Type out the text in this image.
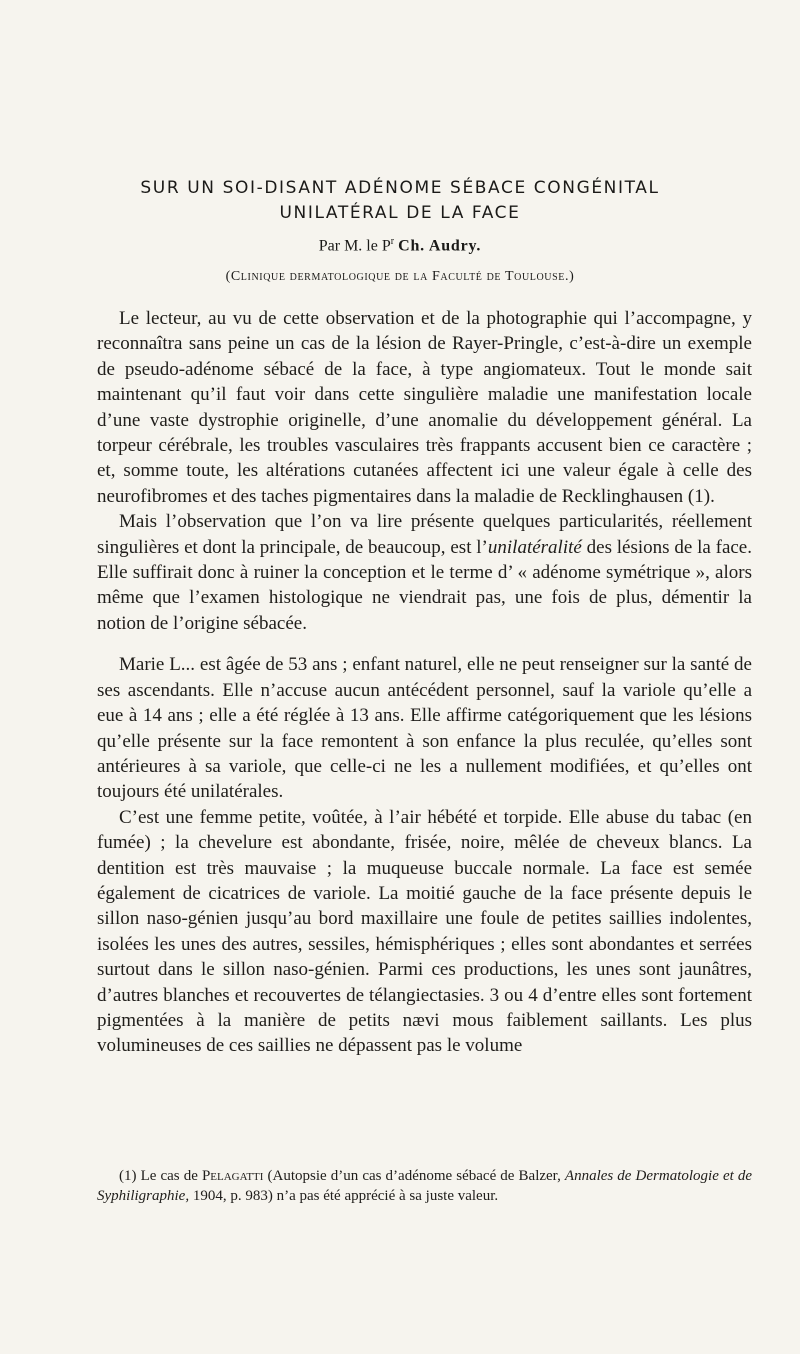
SUR UN SOI-DISANT ADÉNOME SÉBACE CONGÉNITAL
UNILATÉRAL DE LA FACE
Par M. le $P^r$ Ch. Audry.
(Clinique dermatologique de la Faculté de Toulouse.)

Le lecteur, au vu de cette observation et de la photographie qui l’accompagne, y reconnaîtra sans peine un cas de la lésion de Rayer-Pringle, c’est-à-dire un exemple de pseudo-adénome sébacé de la face, à type angiomateux. Tout le monde sait maintenant qu’il faut voir dans cette singulière maladie une manifestation locale d’une vaste dystrophie originelle, d’une anomalie du développement général. La torpeur cérébrale, les troubles vasculaires très frappants accusent bien ce caractère ; et, somme toute, les altérations cutanées affectent ici une valeur égale à celle des neurofibromes et des taches pigmentaires dans la maladie de Recklinghausen (1).

Mais l’observation que l’on va lire présente quelques particularités, réellement singulières et dont la principale, de beaucoup, est l’unilatéralité des lésions de la face. Elle suffirait donc à ruiner la conception et le terme d’ « adénome symétrique », alors même que l’examen histologique ne viendrait pas, une fois de plus, démentir la notion de l’origine sébacée.

Marie L... est âgée de 53 ans ; enfant naturel, elle ne peut renseigner sur la santé de ses ascendants. Elle n’accuse aucun antécédent personnel, sauf la variole qu’elle a eue à 14 ans ; elle a été réglée à 13 ans. Elle affirme catégoriquement que les lésions qu’elle présente sur la face remontent à son enfance la plus reculée, qu’elles sont antérieures à sa variole, que celle-ci ne les a nullement modifiées, et qu’elles ont toujours été unilatérales.

C’est une femme petite, voûtée, à l’air hébété et torpide. Elle abuse du tabac (en fumée) ; la chevelure est abondante, frisée, noire, mêlée de cheveux blancs. La dentition est très mauvaise ; la muqueuse buccale normale. La face est semée également de cicatrices de variole. La moitié gauche de la face présente depuis le sillon naso-génien jusqu’au bord maxillaire une foule de petites saillies indolentes, isolées les unes des autres, sessiles, hémisphériques ; elles sont abondantes et serrées surtout dans le sillon naso-génien. Parmi ces productions, les unes sont jaunâtres, d’autres blanches et recouvertes de télangiectasies. 3 ou 4 d’entre elles sont fortement pigmentées à la manière de petits nævi mous faiblement saillants. Les plus volumineuses de ces saillies ne dépassent pas le volume

(1) Le cas de Pelagatti (Autopsie d’un cas d’adénome sébacé de Balzer, Annales de Dermatologie et de Syphiligraphie, 1904, p. 983) n’a pas été apprécié à sa juste valeur.
